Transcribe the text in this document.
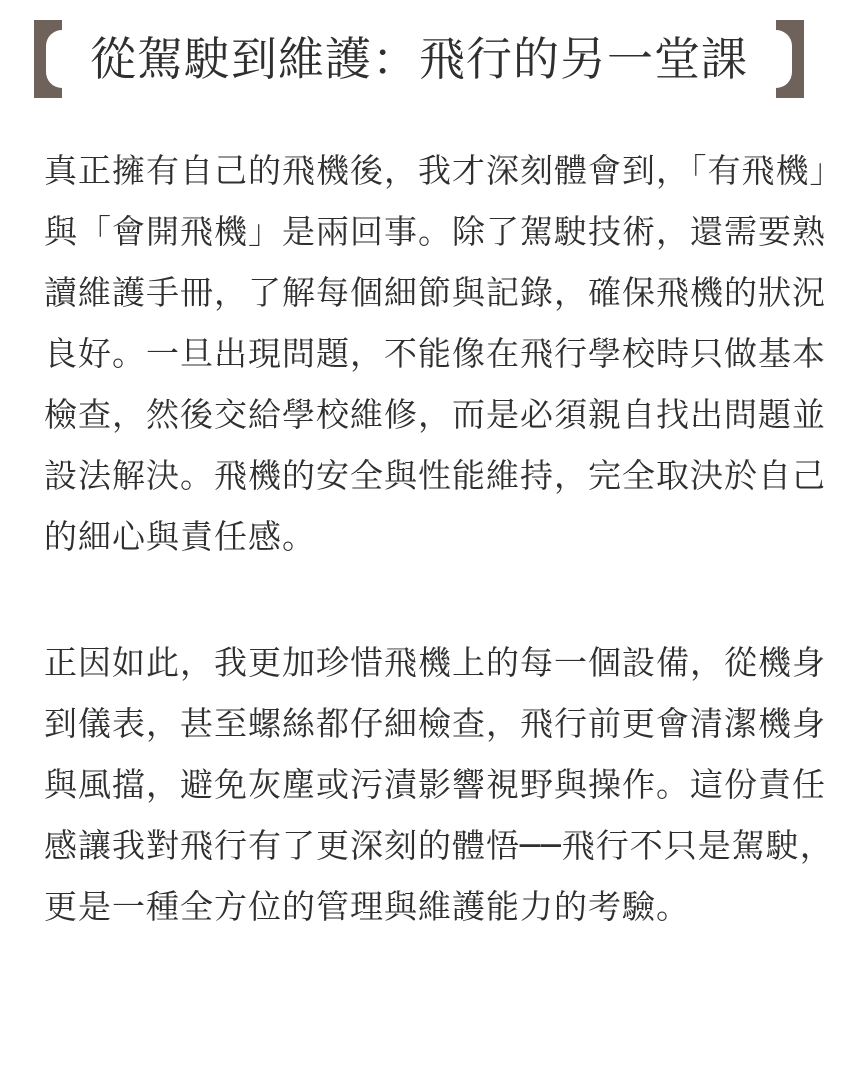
從駕駛到維護：飛行的另一堂課

真正擁有自己的飛機後，我才深刻體會到，「有飛機」與「會開飛機」是兩回事。除了駕駛技術，還需要熟讀維護手冊，了解每個細節與記錄，確保飛機的狀況良好。一旦出現問題，不能像在飛行學校時只做基本檢查，然後交給學校維修，而是必須親自找出問題並設法解決。飛機的安全與性能維持，完全取決於自己的細心與責任感。

正因如此，我更加珍惜飛機上的每一個設備，從機身到儀表，甚至螺絲都仔細檢查，飛行前更會清潔機身與風擋，避免灰塵或污漬影響視野與操作。這份責任感讓我對飛行有了更深刻的體悟──飛行不只是駕駛，更是一種全方位的管理與維護能力的考驗。
